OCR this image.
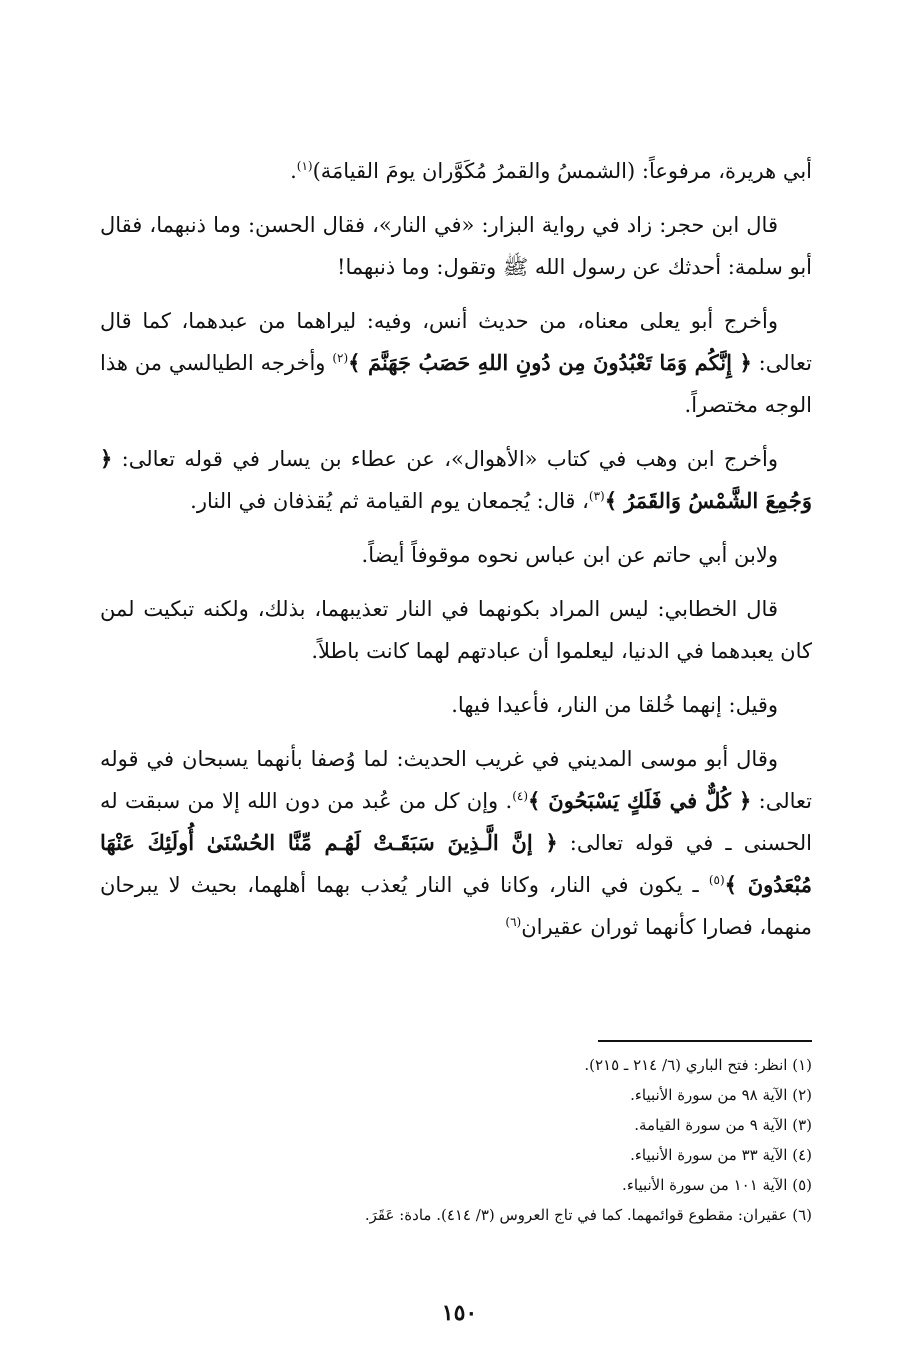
أبي هريرة، مرفوعاً: (الشمسُ والقمرُ مُكَوَّران يومَ القيامَة)$^{(١)}$.

قال ابن حجر: زاد في رواية البزار: «في النار»، فقال الحسن: وما ذنبهما، فقال أبو سلمة: أحدثك عن رسول الله ﷺ وتقول: وما ذنبهما!

وأخرج أبو يعلى معناه، من حديث أنس، وفيه: ليراهما من عبدهما، كما قال تعالى: ﴿ إِنَّكُم وَمَا تَعْبُدُونَ مِن دُونِ اللهِ حَصَبُ جَهَنَّمَ ﴾$^{(٢)}$ وأخرجه الطيالسي من هذا الوجه مختصراً.

وأخرج ابن وهب في كتاب «الأهوال»، عن عطاء بن يسار في قوله تعالى: ﴿ وَجُمِعَ الشَّمْسُ وَالقَمَرُ ﴾$^{(٣)}$، قال: يُجمعان يوم القيامة ثم يُقذفان في النار.

ولابن أبي حاتم عن ابن عباس نحوه موقوفاً أيضاً.

قال الخطابي: ليس المراد بكونهما في النار تعذيبهما، بذلك، ولكنه تبكيت لمن كان يعبدهما في الدنيا، ليعلموا أن عبادتهم لهما كانت باطلاً.

وقيل: إنهما خُلقا من النار، فأعيدا فيها.

وقال أبو موسى المديني في غريب الحديث: لما وُصفا بأنهما يسبحان في قوله تعالى: ﴿ كُلٌّ في فَلَكٍ يَسْبَحُونَ ﴾$^{(٤)}$. وإن كل من عُبد من دون الله إلا من سبقت له الحسنى ـ في قوله تعالى: ﴿ إنَّ الَّـذِينَ سَبَقَـتْ لَهُـم مِّنَّا الحُسْنَىٰ أُولَئِكَ عَنْهَا مُبْعَدُونَ ﴾$^{(٥)}$ ـ يكون في النار، وكانا في النار يُعذب بهما أهلهما، بحيث لا يبرحان منهما، فصارا كأنهما ثوران عقيران$^{(٦)}$

(١) انظر: فتح الباري (٦/ ٢١٤ ـ ٢١٥).

(٢) الآية ٩٨ من سورة الأنبياء.

(٣) الآية ٩ من سورة القيامة.

(٤) الآية ٣٣ من سورة الأنبياء.

(٥) الآية ١٠١ من سورة الأنبياء.

(٦) عقيران: مقطوع قوائمهما. كما في تاج العروس (٣/ ٤١٤). مادة: عَقَرَ.

١٥٠
